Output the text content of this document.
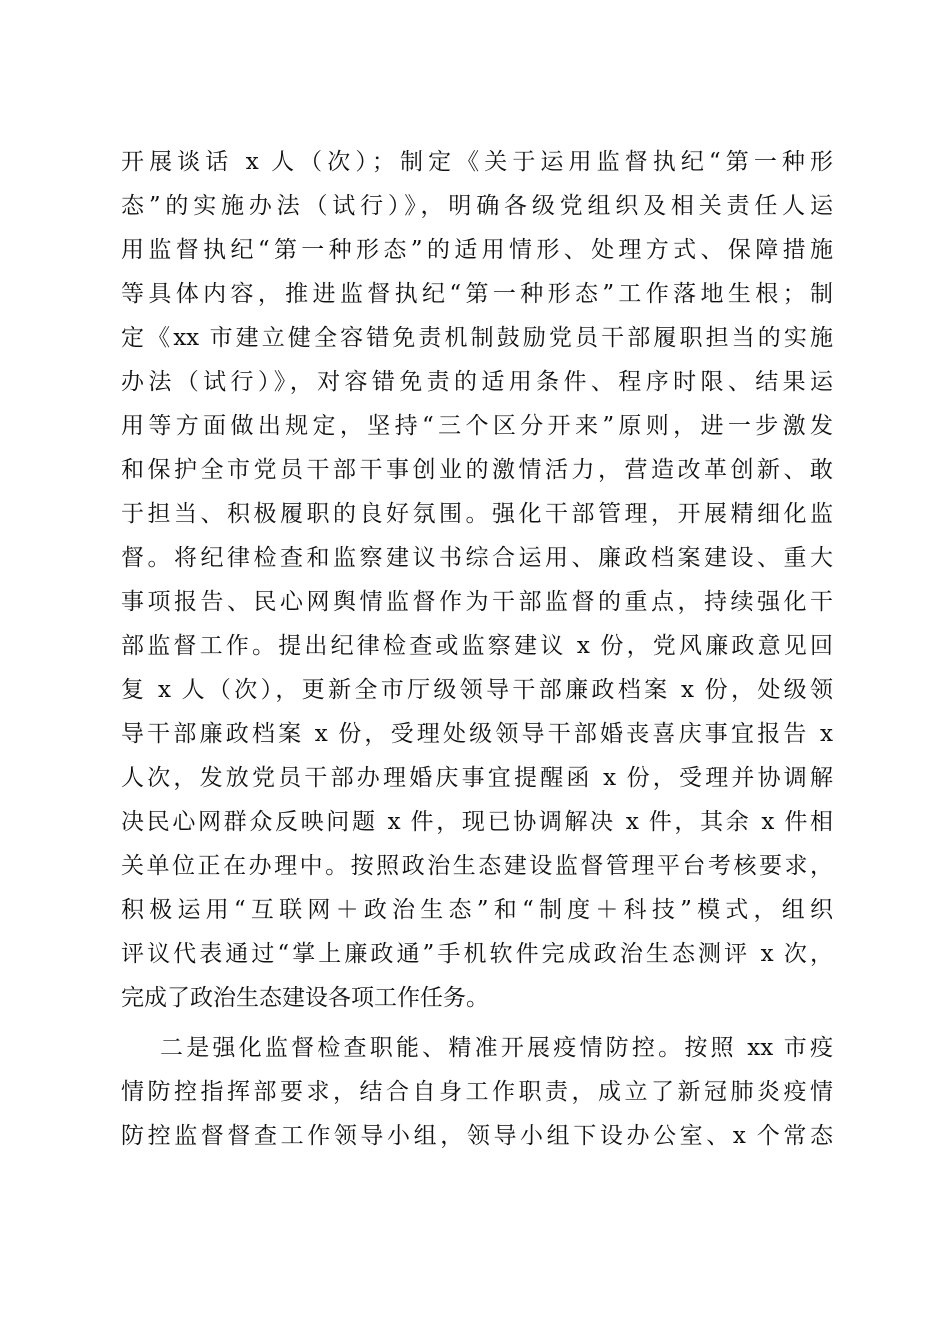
开展谈话 x 人（次）；制定《关于运用监督执纪“第一种形
态”的实施办法（试行）》，明确各级党组织及相关责任人运
用监督执纪“第一种形态”的适用情形、处理方式、保障措施
等具体内容，推进监督执纪“第一种形态”工作落地生根；制
定《xx 市建立健全容错免责机制鼓励党员干部履职担当的实施
办法（试行）》，对容错免责的适用条件、程序时限、结果运
用等方面做出规定，坚持“三个区分开来”原则，进一步激发
和保护全市党员干部干事创业的激情活力，营造改革创新、敢
于担当、积极履职的良好氛围。强化干部管理，开展精细化监
督。将纪律检查和监察建议书综合运用、廉政档案建设、重大
事项报告、民心网舆情监督作为干部监督的重点，持续强化干
部监督工作。提出纪律检查或监察建议 x 份，党风廉政意见回
复 x 人（次），更新全市厅级领导干部廉政档案 x 份，处级领
导干部廉政档案 x 份，受理处级领导干部婚丧喜庆事宜报告 x
人次，发放党员干部办理婚庆事宜提醒函 x 份，受理并协调解
决民心网群众反映问题 x 件，现已协调解决 x 件，其余 x 件相
关单位正在办理中。按照政治生态建设监督管理平台考核要求，
积极运用“互联网＋政治生态”和“制度＋科技”模式，组织
评议代表通过“掌上廉政通”手机软件完成政治生态测评 x 次，
完成了政治生态建设各项工作任务。
二是强化监督检查职能、精准开展疫情防控。按照 xx 市疫
情防控指挥部要求，结合自身工作职责，成立了新冠肺炎疫情
防控监督督查工作领导小组，领导小组下设办公室、x 个常态
